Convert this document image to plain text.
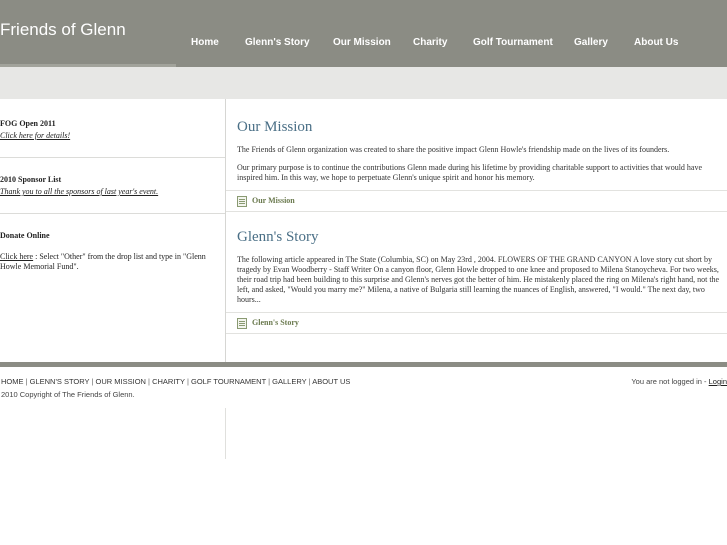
Friends of Glenn
Home	Glenn's Story Our Mission Charity	Golf Tournament Gallery	About Us
FOG Open 2011
Click here for details!
2010 Sponsor List
Thank you to all the sponsors of last year's event.
Donate Online
Click here : Select "Other" from the drop list and type in "Glenn Howle Memorial Fund".
Our Mission
The Friends of Glenn organization was created to share the positive impact Glenn Howle's friendship made on the lives of its founders.
Our primary purpose is to continue the contributions Glenn made during his lifetime by providing charitable support to activities that would have inspired him. In this way, we hope to perpetuate Glenn's unique spirit and honor his memory.
Our Mission
Glenn's Story
The following article appeared in The State (Columbia, SC) on May 23rd , 2004. FLOWERS OF THE GRAND CANYON A love story cut short by tragedy by Evan Woodberry - Staff Writer On a canyon floor, Glenn Howle dropped to one knee and proposed to Milena Stanoycheva. For two weeks, their road trip had been building to this surprise and Glenn's nerves got the better of him. He mistakenly placed the ring on Milena's right hand, not the left, and asked, "Would you marry me?" Milena, a native of Bulgaria still learning the nuances of English, answered, "I would." The next day, two hours...
Glenn's Story
HOME | GLENN'S STORY | OUR MISSION | CHARITY | GOLF TOURNAMENT | GALLERY | ABOUT US
2010 Copyright of The Friends of Glenn.
You are not logged in - Login
